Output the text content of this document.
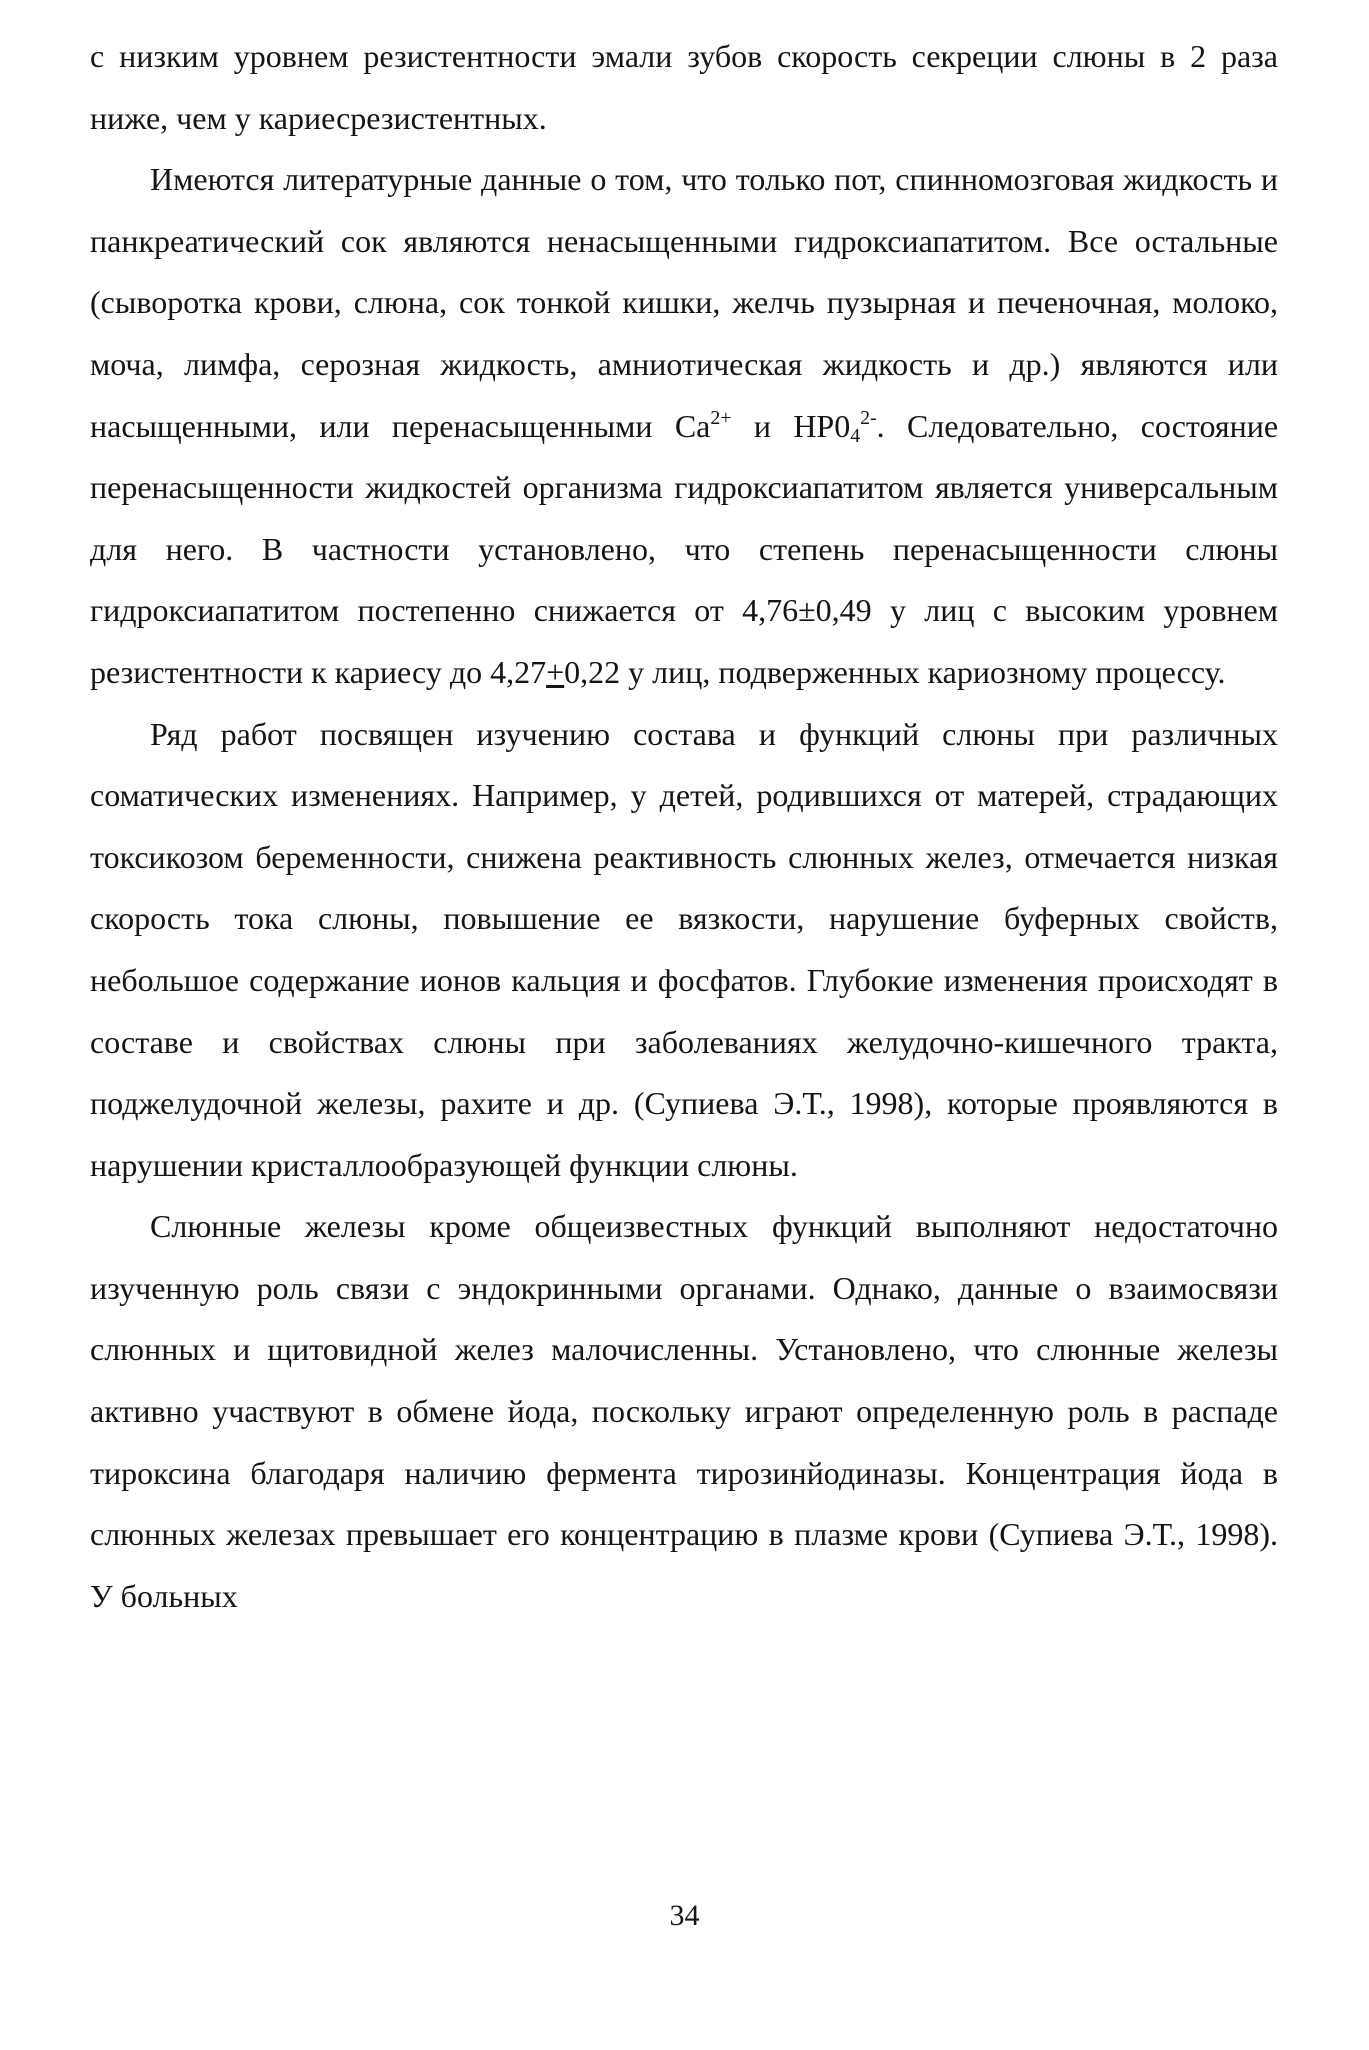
с низким уровнем резистентности эмали зубов скорость секреции слюны в 2 раза ниже, чем у кариесрезистентных.

Имеются литературные данные о том, что только пот, спинномозговая жидкость и панкреатический сок являются ненасыщенными гидроксиапатитом. Все остальные (сыворотка крови, слюна, сок тонкой кишки, желчь пузырная и печеночная, молоко, моча, лимфа, серозная жидкость, амниотическая жидкость и др.) являются или насыщенными, или перенасыщенными $Ca^{2+}$ и $HP0_4^{2-}$. Следовательно, состояние перенасыщенности жидкостей организма гидроксиапатитом является универсальным для него. В частности установлено, что степень перенасыщенности слюны гидроксиапатитом постепенно снижается от 4,76±0,49 у лиц с высоким уровнем резистентности к кариесу до 4,27+0,22 у лиц, подверженных кариозному процессу.

Ряд работ посвящен изучению состава и функций слюны при различных соматических изменениях. Например, у детей, родившихся от матерей, страдающих токсикозом беременности, снижена реактивность слюнных желез, отмечается низкая скорость тока слюны, повышение ее вязкости, нарушение буферных свойств, небольшое содержание ионов кальция и фосфатов. Глубокие изменения происходят в составе и свойствах слюны при заболеваниях желудочно-кишечного тракта, поджелудочной железы, рахите и др. (Супиева Э.Т., 1998), которые проявляются в нарушении кристаллообразующей функции слюны.

Слюнные железы кроме общеизвестных функций выполняют недостаточно изученную роль связи с эндокринными органами. Однако, данные о взаимосвязи слюнных и щитовидной желез малочисленны. Установлено, что слюнные железы активно участвуют в обмене йода, поскольку играют определенную роль в распаде тироксина благодаря наличию фермента тирозинйодиназы. Концентрация йода в слюнных железах превышает его концентрацию в плазме крови (Супиева Э.Т., 1998). У больных

34
